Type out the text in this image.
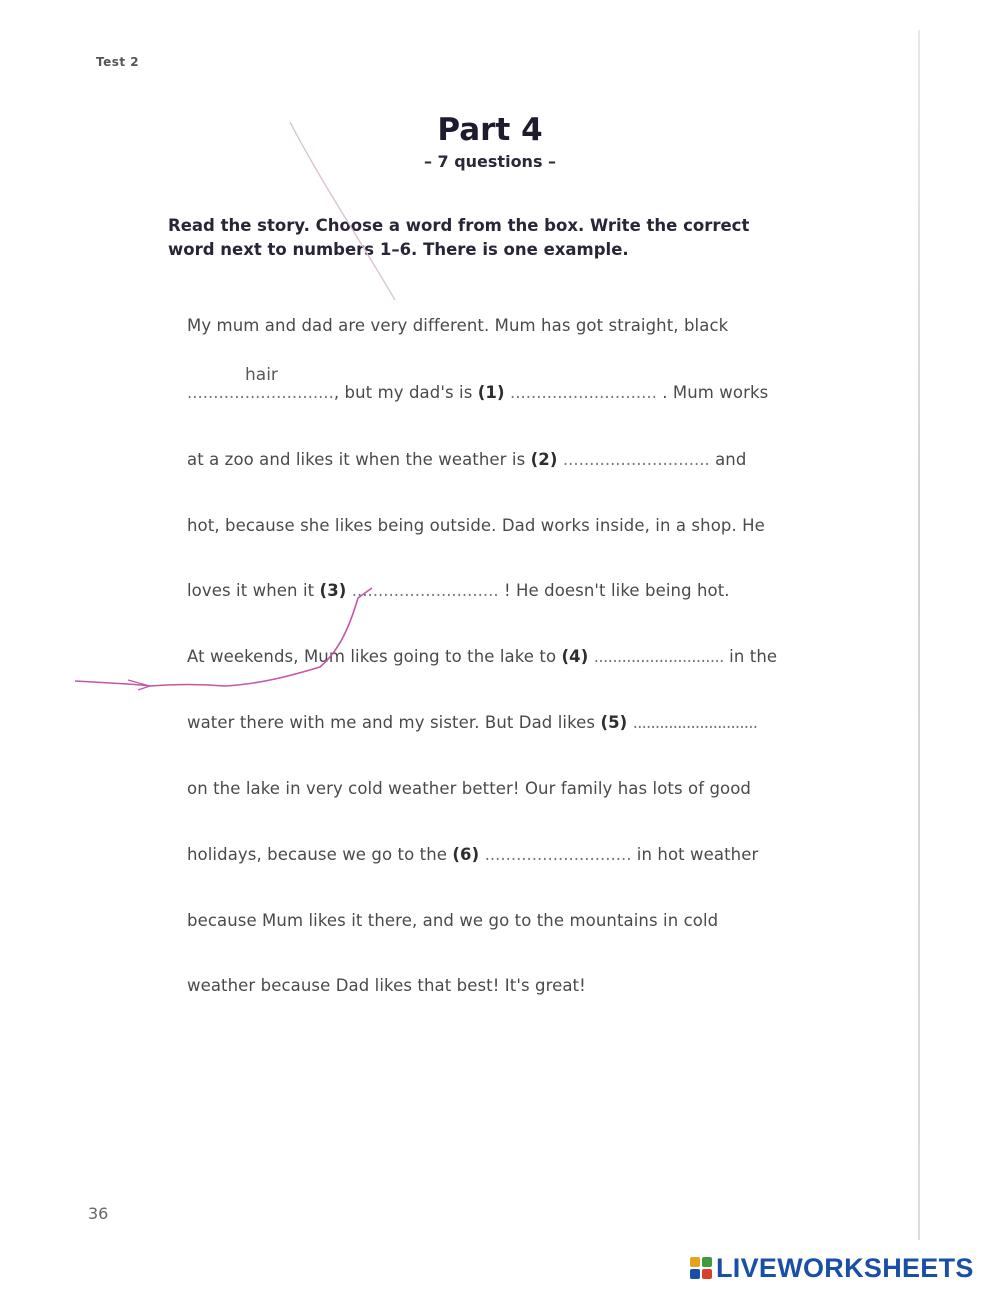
Test 2
Part 4
– 7 questions –
Read the story. Choose a word from the box. Write the correct
word next to numbers 1–6. There is one example.
My mum and dad are very different. Mum has got straight, black
............................
hair
, but my dad's is (1) ............................
. Mum works
at a zoo and likes it when the weather is (2) ............................
and
hot, because she likes being outside. Dad works inside, in a shop. He
loves it when it (3) ............................
! He doesn't like being hot.
At weekends, Mum likes going to the lake to (4) ............................
in the
water there with me and my sister. But Dad likes (5) ............................
on the lake in very cold weather better! Our family has lots of good
holidays, because we go to the (6) ............................
in hot weather
because Mum likes it there, and we go to the mountains in cold
weather because Dad likes that best! It's great!
36
LIVEWORKSHEETS
